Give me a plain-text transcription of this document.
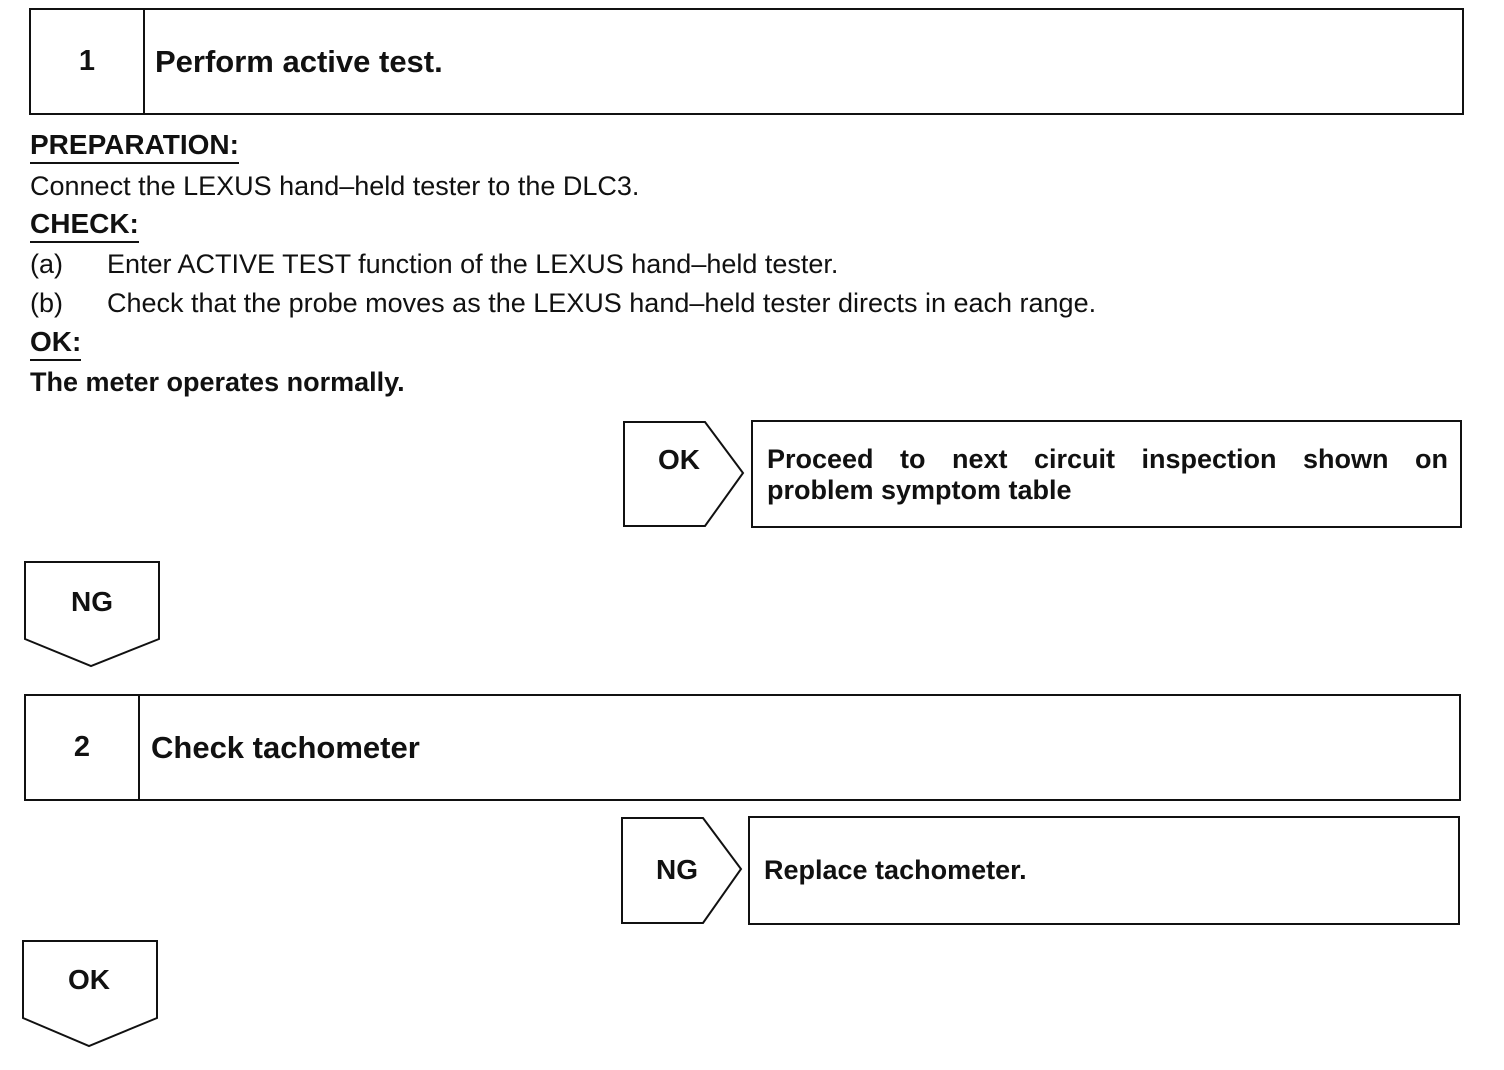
1	Perform active test.
PREPARATION:
Connect the LEXUS hand–held tester to the DLC3.
CHECK:
(a) Enter ACTIVE TEST function of the LEXUS hand–held tester.
(b) Check that the probe moves as the LEXUS hand–held tester directs in each range.
OK:
The meter operates normally.
OK	Proceed to next circuit inspection shown on
problem symptom table
NG
2	Check tachometer
NG	Replace tachometer.
OK
